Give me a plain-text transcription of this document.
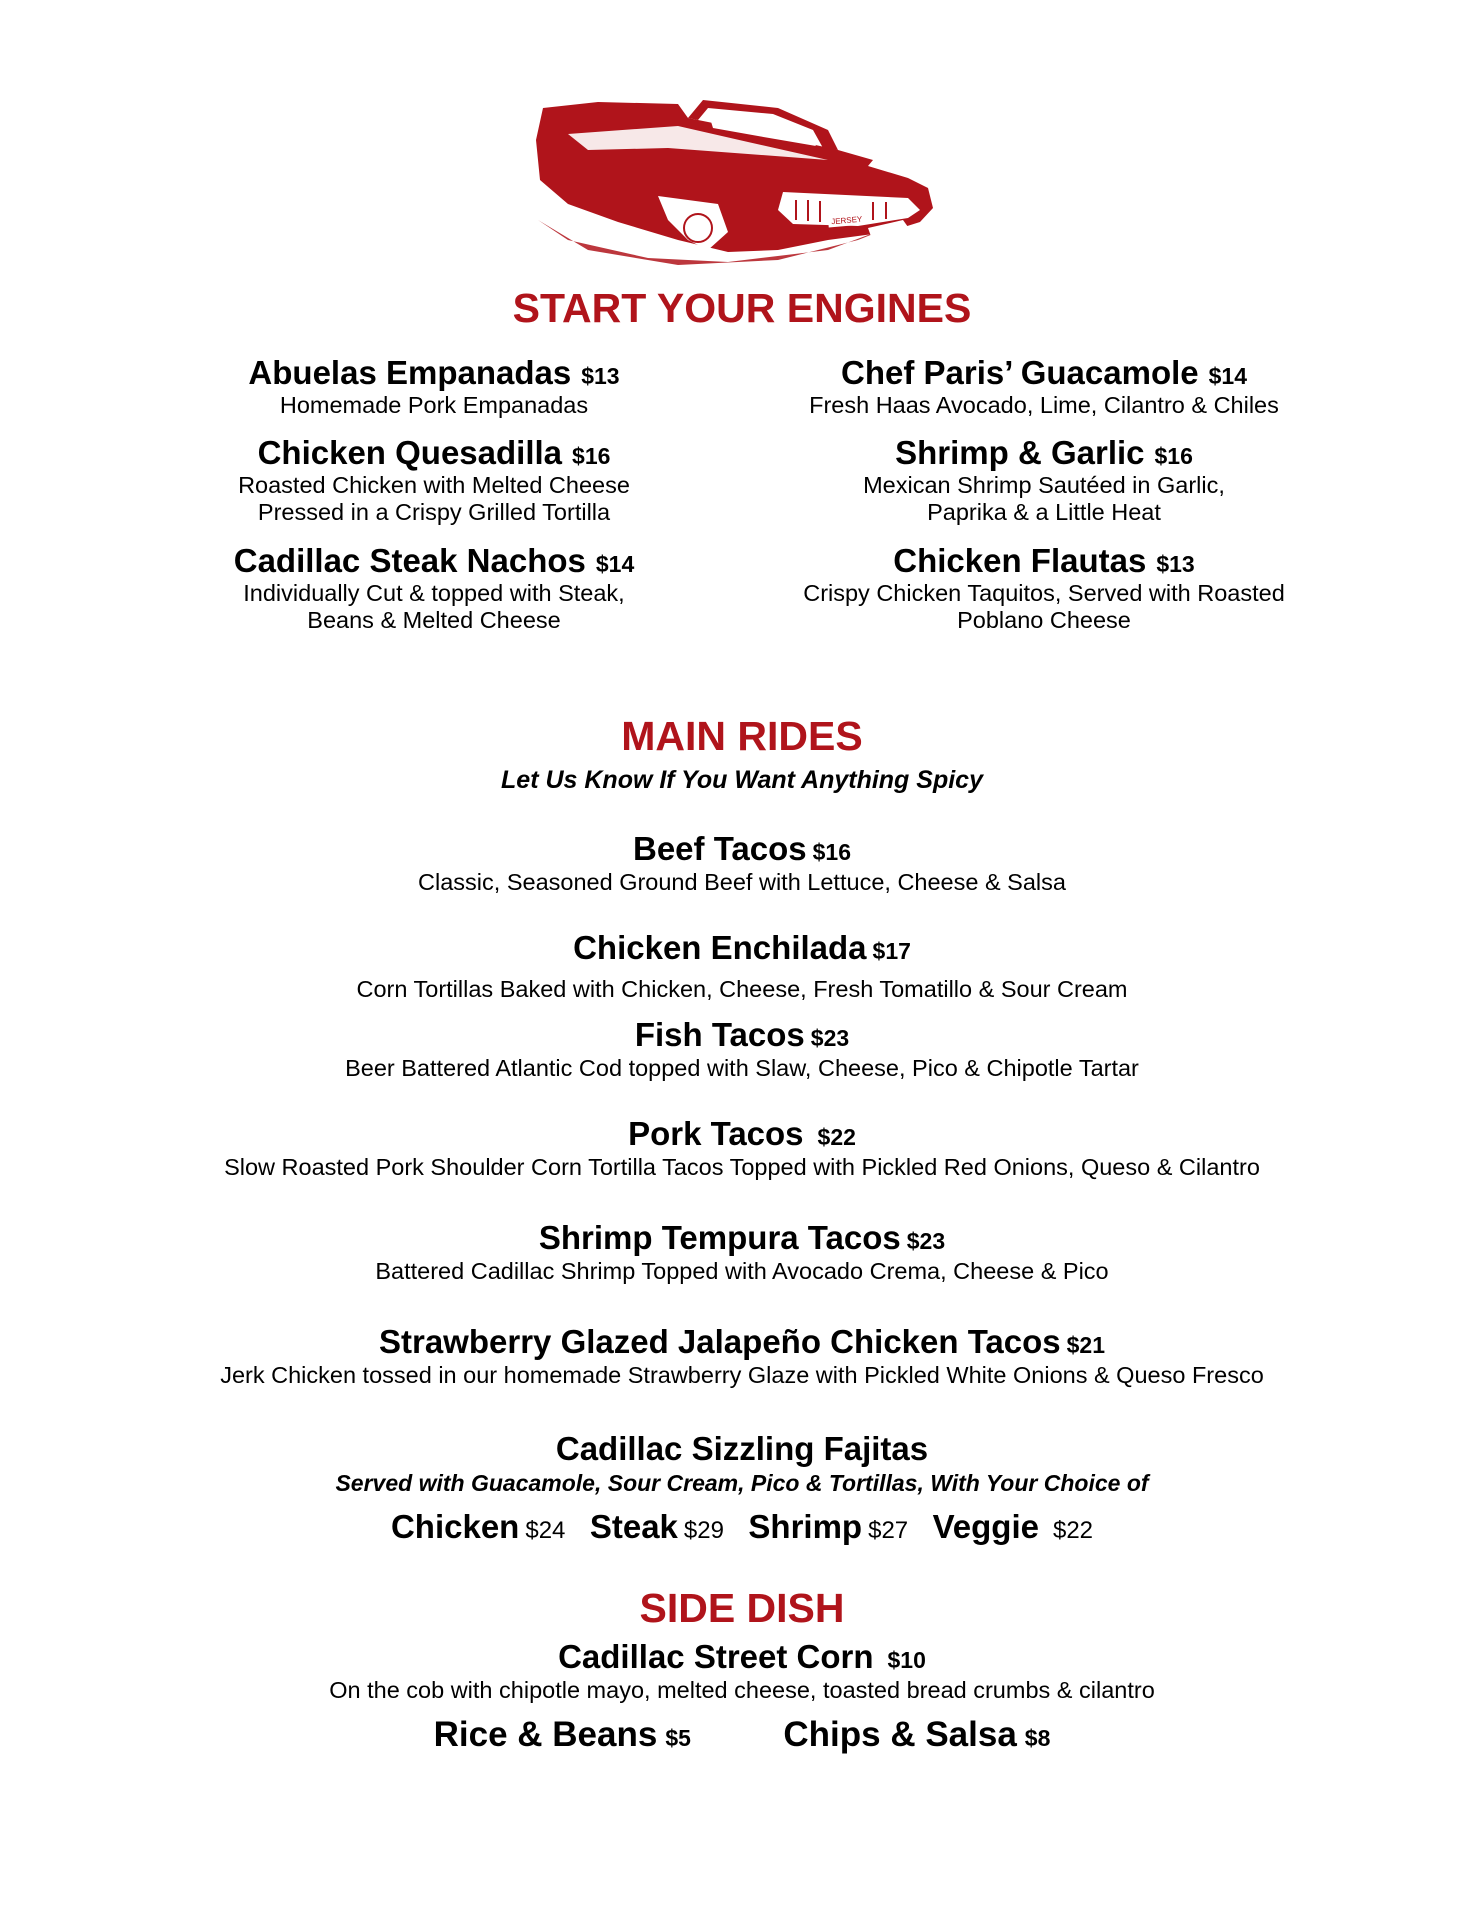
JERSEY
START YOUR ENGINES
Abuelas Empanadas $13
Homemade Pork Empanadas
Chicken Quesadilla $16
Roasted Chicken with Melted Cheese
Pressed in a Crispy Grilled Tortilla
Cadillac Steak Nachos $14
Individually Cut & topped with Steak,
Beans & Melted Cheese
Chef Paris’ Guacamole $14
Fresh Haas Avocado, Lime, Cilantro & Chiles
Shrimp & Garlic $16
Mexican Shrimp Sautéed in Garlic,
Paprika & a Little Heat
Chicken Flautas $13
Crispy Chicken Taquitos, Served with Roasted
Poblano Cheese
MAIN RIDES
Let Us Know If You Want Anything Spicy
Beef Tacos $16
Classic, Seasoned Ground Beef with Lettuce, Cheese & Salsa
Chicken Enchilada $17
Corn Tortillas Baked with Chicken, Cheese, Fresh Tomatillo & Sour Cream
Fish Tacos $23
Beer Battered Atlantic Cod topped with Slaw, Cheese, Pico & Chipotle Tartar
Pork Tacos $22
Slow Roasted Pork Shoulder Corn Tortilla Tacos Topped with Pickled Red Onions, Queso & Cilantro
Shrimp Tempura Tacos $23
Battered Cadillac Shrimp Topped with Avocado Crema, Cheese & Pico
Strawberry Glazed Jalapeño Chicken Tacos $21
Jerk Chicken tossed in our homemade Strawberry Glaze with Pickled White Onions & Queso Fresco
Cadillac Sizzling Fajitas
Served with Guacamole, Sour Cream, Pico & Tortillas, With Your Choice of
Chicken $24 Steak $29 Shrimp $27 Veggie $22
SIDE DISH
Cadillac Street Corn $10
On the cob with chipotle mayo, melted cheese, toasted bread crumbs & cilantro
Rice & Beans $5	Chips & Salsa $8
